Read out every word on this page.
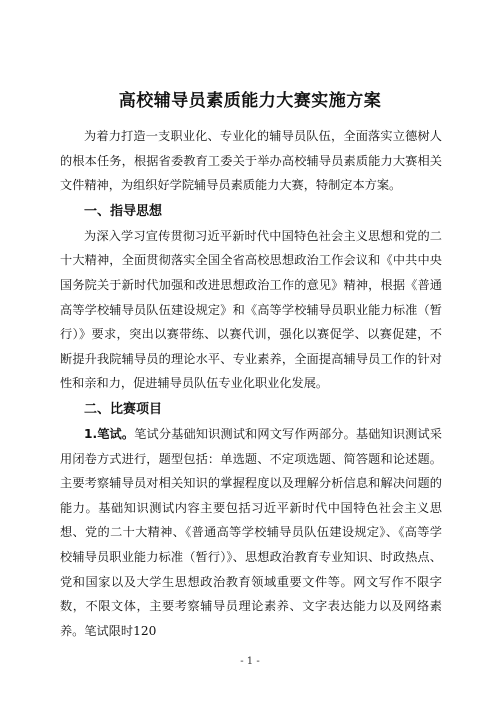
高校辅导员素质能力大赛实施方案

为着力打造一支职业化、专业化的辅导员队伍，全面落实立德树人的根本任务，根据省委教育工委关于举办高校辅导员素质能力大赛相关文件精神，为组织好学院辅导员素质能力大赛，特制定本方案。

一、指导思想

为深入学习宣传贯彻习近平新时代中国特色社会主义思想和党的二十大精神，全面贯彻落实全国全省高校思想政治工作会议和《中共中央国务院关于新时代加强和改进思想政治工作的意见》精神，根据《普通高等学校辅导员队伍建设规定》和《高等学校辅导员职业能力标准（暂行）》要求，突出以赛带练、以赛代训，强化以赛促学、以赛促建，不断提升我院辅导员的理论水平、专业素养，全面提高辅导员工作的针对性和亲和力，促进辅导员队伍专业化职业化发展。

二、比赛项目

1.笔试。笔试分基础知识测试和网文写作两部分。基础知识测试采用闭卷方式进行，题型包括：单选题、不定项选题、简答题和论述题。主要考察辅导员对相关知识的掌握程度以及理解分析信息和解决问题的能力。基础知识测试内容主要包括习近平新时代中国特色社会主义思想、党的二十大精神、《普通高等学校辅导员队伍建设规定》、《高等学校辅导员职业能力标准（暂行）》、思想政治教育专业知识、时政热点、党和国家以及大学生思想政治教育领域重要文件等。网文写作不限字数，不限文体，主要考察辅导员理论素养、文字表达能力以及网络素养。笔试限时120

- 1 -
